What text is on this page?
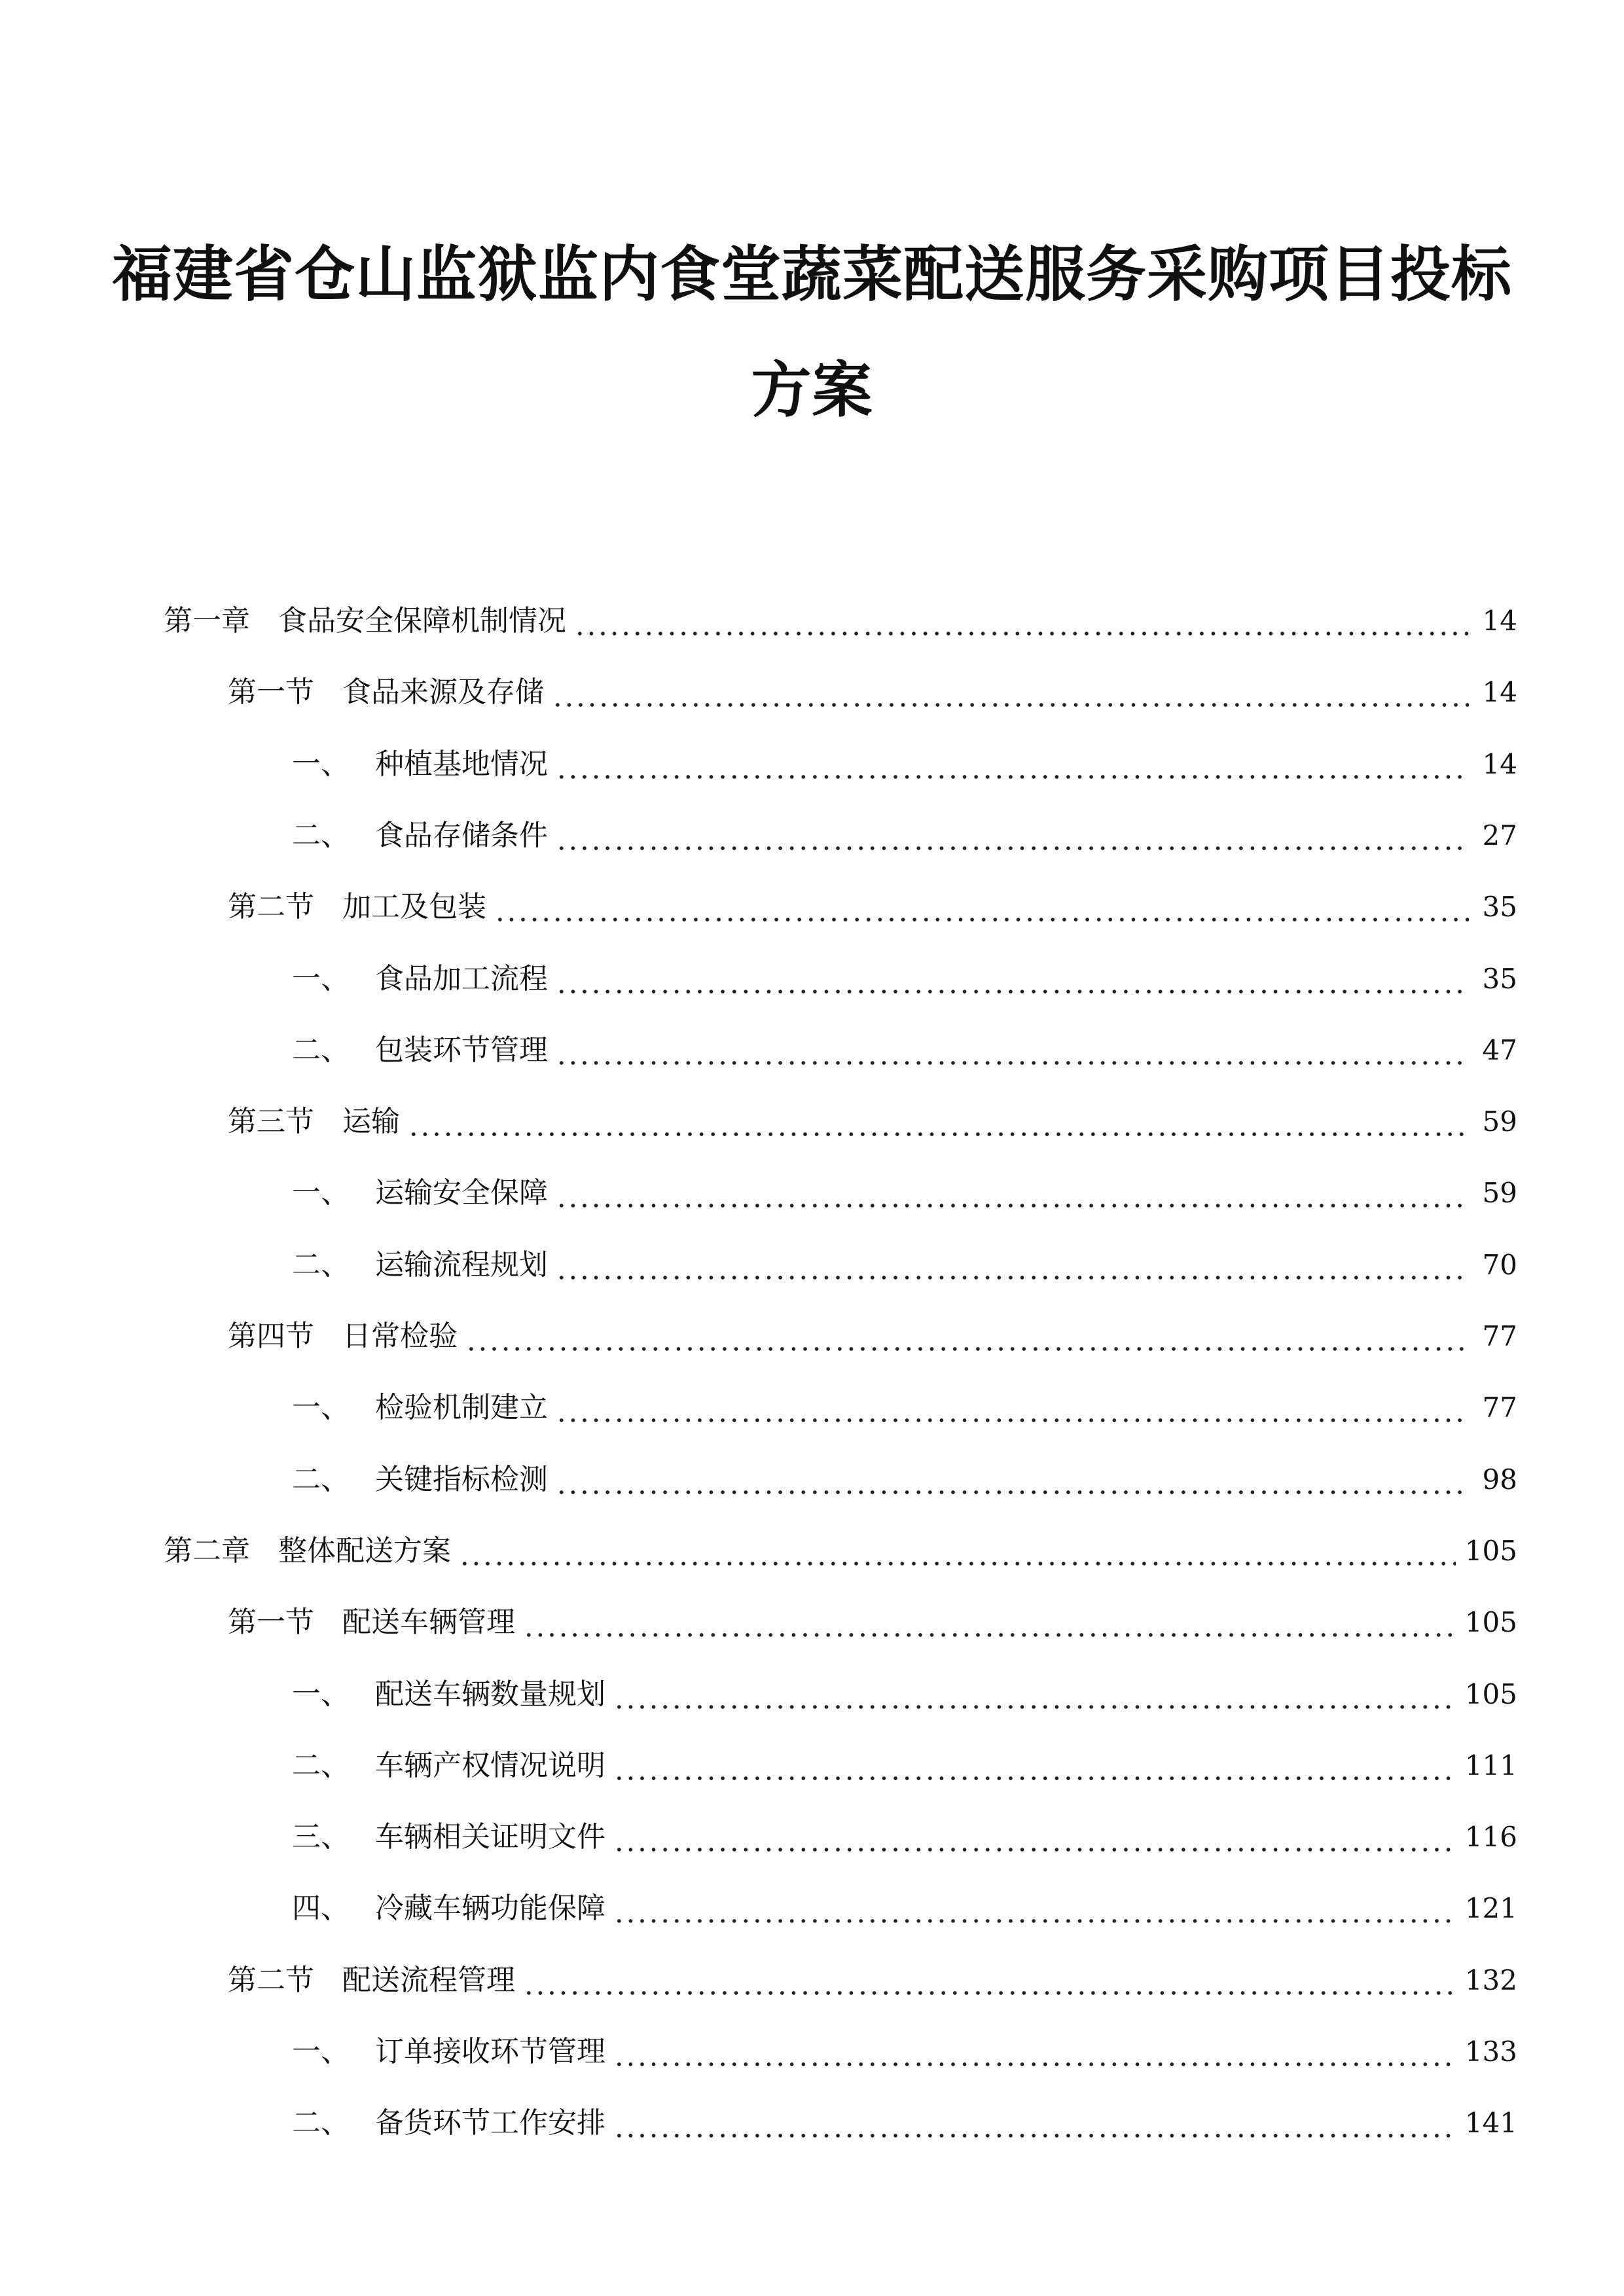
福建省仓山监狱监内食堂蔬菜配送服务采购项目投标
方案
第一章 食品安全保障机制情况	14
第一节 食品来源及存储	14
一、 种植基地情况	14
二、 食品存储条件	27
第二节 加工及包装	35
一、 食品加工流程	35
二、 包装环节管理	47
第三节 运输	59
一、 运输安全保障	59
二、 运输流程规划	70
第四节 日常检验	77
一、 检验机制建立	77
二、 关键指标检测	98
第二章 整体配送方案	105
第一节 配送车辆管理	105
一、 配送车辆数量规划	105
二、 车辆产权情况说明	111
三、 车辆相关证明文件	116
四、 冷藏车辆功能保障	121
第二节 配送流程管理	132
一、 订单接收环节管理	133
二、 备货环节工作安排	141
